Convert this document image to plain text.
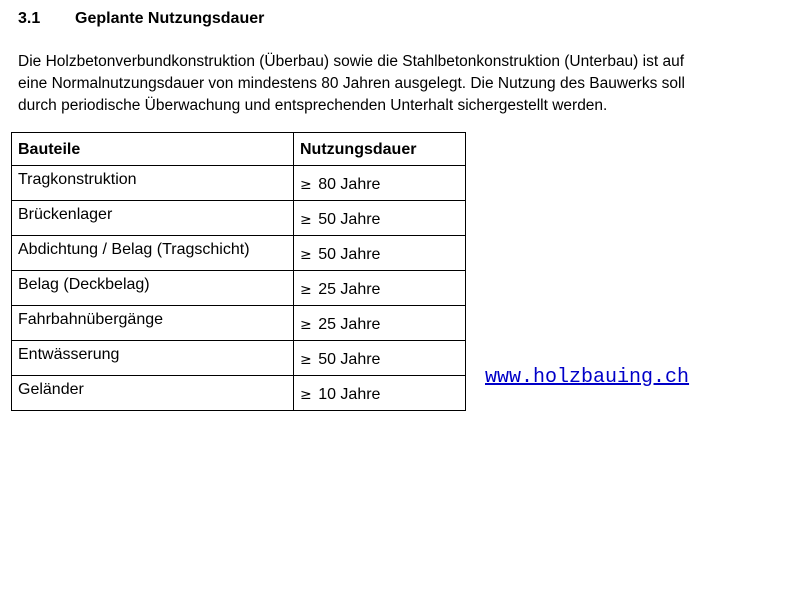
3.1 Geplante Nutzungsdauer
Die Holzbetonverbundkonstruktion (Überbau) sowie die Stahlbetonkonstruktion (Unterbau) ist auf
eine Normalnutzungsdauer von mindestens 80 Jahren ausgelegt. Die Nutzung des Bauwerks soll
durch periodische Überwachung und entsprechenden Unterhalt sichergestellt werden.
Bauteile	Nutzungsdauer
Tragkonstruktion	≥ 80 Jahre
Brückenlager	≥ 50 Jahre
Abdichtung / Belag (Tragschicht)	≥ 50 Jahre
Belag (Deckbelag)	≥ 25 Jahre
Fahrbahnübergänge	≥ 25 Jahre
Entwässerung	≥ 50 Jahre
Geländer	≥ 10 Jahre
www.holzbauing.ch
